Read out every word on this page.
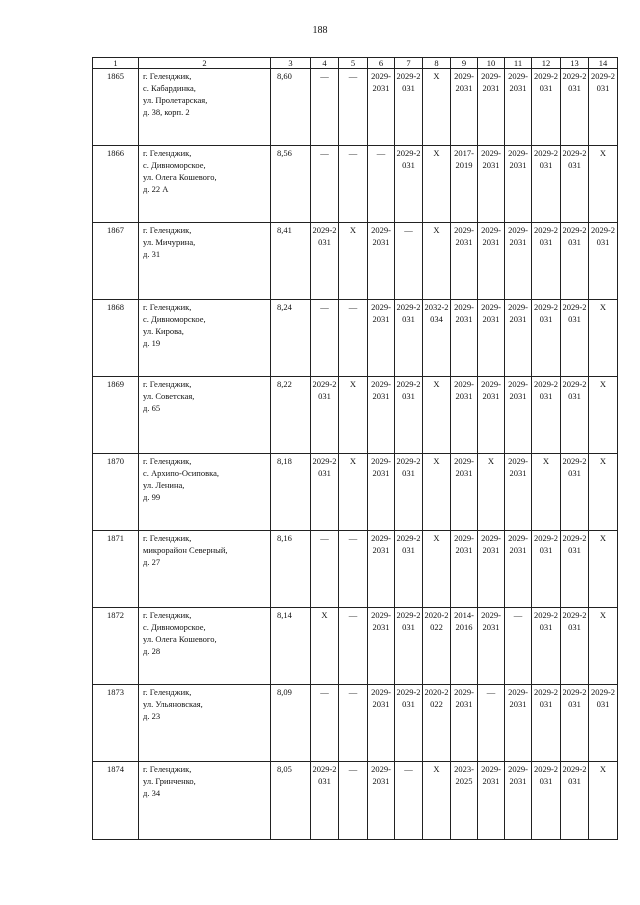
188
1	2	3	4	5	6	7	8	9	10	11	12	13	14
1865	г. Геленджик,
с. Кабардинка,
ул. Пролетарская,
д. 38, корп. 2	8,60	—	—	2029-2031	2029-2031	Х	2029-2031	2029-2031	2029-2031	2029-2031	2029-2031	2029-2031
1866	г. Геленджик,
с. Дивноморское,
ул. Олега Кошевого,
д. 22 А	8,56	—	—	—	2029-2031	Х	2017-2019	2029-2031	2029-2031	2029-2031	2029-2031	Х
1867	г. Геленджик,
ул. Мичурина,
д. 31	8,41	2029-2031	Х	2029-2031	—	Х	2029-2031	2029-2031	2029-2031	2029-2031	2029-2031	2029-2031
1868	г. Геленджик,
с. Дивноморское,
ул. Кирова,
д. 19	8,24	—	—	2029-2031	2029-2031	2032-2034	2029-2031	2029-2031	2029-2031	2029-2031	2029-2031	Х
1869	г. Геленджик,
ул. Советская,
д. 65	8,22	2029-2031	Х	2029-2031	2029-2031	Х	2029-2031	2029-2031	2029-2031	2029-2031	2029-2031	Х
1870	г. Геленджик,
с. Архипо-Осиповка,
ул. Ленина,
д. 99	8,18	2029-2031	Х	2029-2031	2029-2031	Х	2029-2031	Х	2029-2031	Х	2029-2031	Х
1871	г. Геленджик,
микрорайон Северный,
д. 27	8,16	—	—	2029-2031	2029-2031	Х	2029-2031	2029-2031	2029-2031	2029-2031	2029-2031	Х
1872	г. Геленджик,
с. Дивноморское,
ул. Олега Кошевого,
д. 28	8,14	Х	—	2029-2031	2029-2031	2020-2022	2014-2016	2029-2031	—	2029-2031	2029-2031	Х
1873	г. Геленджик,
ул. Ульяновская,
д. 23	8,09	—	—	2029-2031	2029-2031	2020-2022	2029-2031	—	2029-2031	2029-2031	2029-2031	2029-2031
1874	г. Геленджик,
ул. Гринченко,
д. 34	8,05	2029-2031	—	2029-2031	—	Х	2023-2025	2029-2031	2029-2031	2029-2031	2029-2031	Х
